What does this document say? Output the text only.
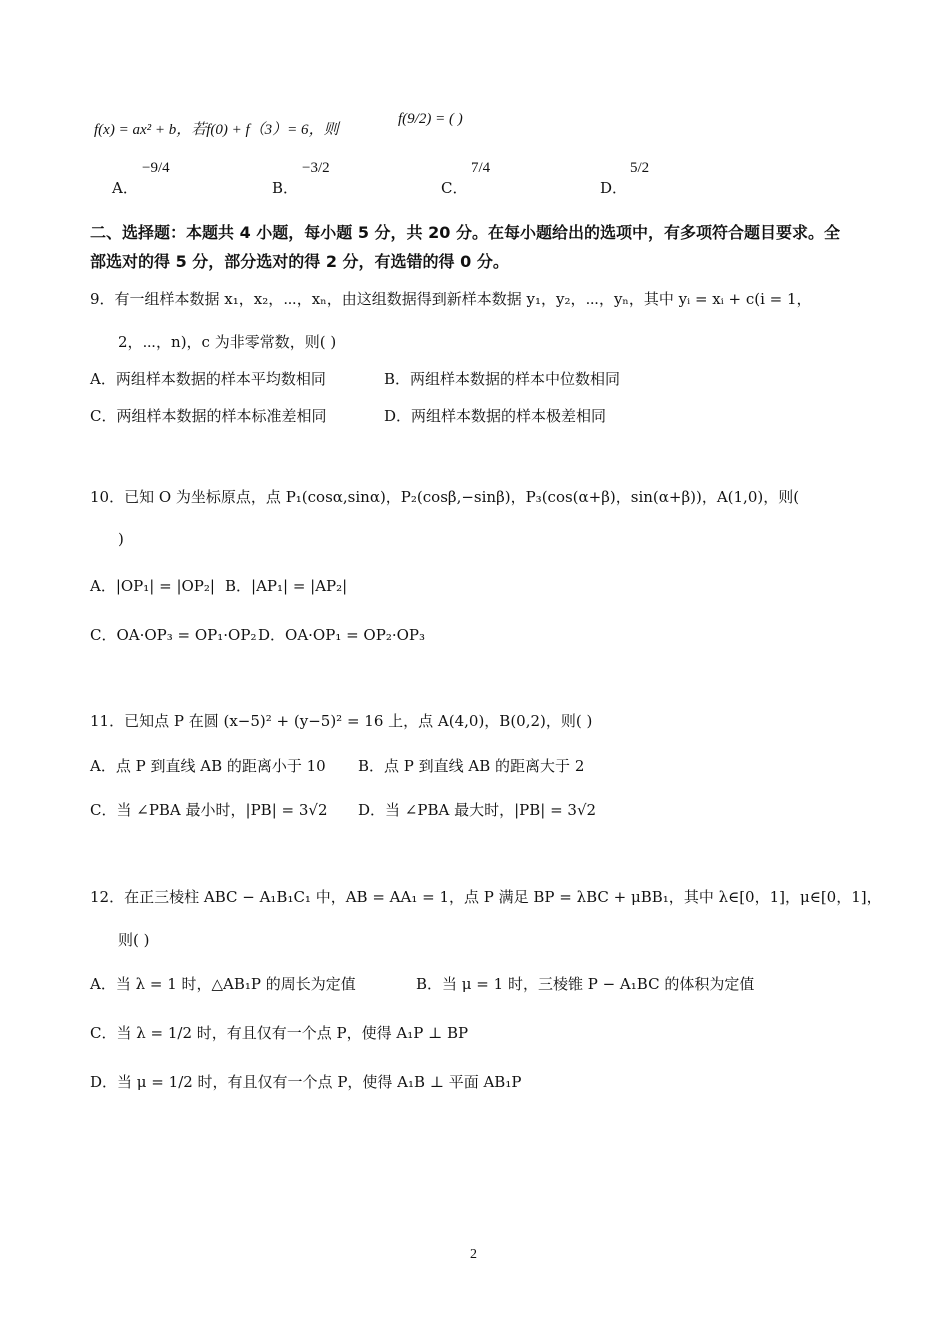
f(x) = ax² + b，若f(0) + f（3）= 6，则
f(9/2) = ( )
A．
−9/4
B．
−3/2
C．
7/4
D．
5/2
二、选择题：本题共 4 小题，每小题 5 分，共 20 分。在每小题给出的选项中，有多项符合题目要求。全
部选对的得 5 分，部分选对的得 2 分，有选错的得 0 分。
9．有一组样本数据 x₁，x₂，⋯，xₙ，由这组数据得到新样本数据 y₁，y₂，⋯，yₙ，其中 yᵢ = xᵢ + c(i = 1，
2，⋯，n)，c 为非零常数，则( )
A．两组样本数据的样本平均数相同	B．两组样本数据的样本中位数相同
C．两组样本数据的样本标准差相同	D．两组样本数据的样本极差相同
10．已知 O 为坐标原点，点 P₁(cosα,sinα)，P₂(cosβ,−sinβ)，P₃(cos(α+β)，sin(α+β))，A(1,0)，则(
)
A．|OP₁| = |OP₂| B．|AP₁| = |AP₂|
C．OA·OP₃ = OP₁·OP₂ D．OA·OP₁ = OP₂·OP₃
11．已知点 P 在圆 (x−5)² + (y−5)² = 16 上，点 A(4,0)，B(0,2)，则( )
A．点 P 到直线 AB 的距离小于 10 B．点 P 到直线 AB 的距离大于 2
C．当 ∠PBA 最小时，|PB| = 3√2 D．当 ∠PBA 最大时，|PB| = 3√2
12．在正三棱柱 ABC − A₁B₁C₁ 中，AB = AA₁ = 1，点 P 满足 BP = λBC + μBB₁，其中 λ∈[0，1]，μ∈[0，1]，
则( )
A．当 λ = 1 时，△AB₁P 的周长为定值	B．当 μ = 1 时，三棱锥 P − A₁BC 的体积为定值
C．当 λ = 1/2 时，有且仅有一个点 P，使得 A₁P ⊥ BP
D．当 μ = 1/2 时，有且仅有一个点 P，使得 A₁B ⊥ 平面 AB₁P
2
